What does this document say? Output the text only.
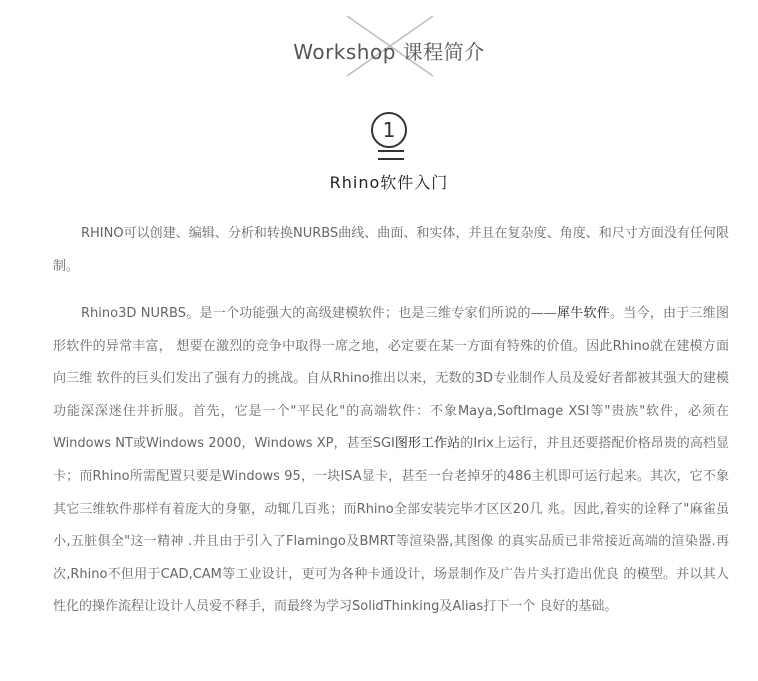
Workshop 课程简介
1
Rhino软件入门

RHINO可以创建、编辑、分析和转换NURBS曲线、曲面、和实体，并且在复杂度、角度、和尺寸方面没有任何限制。

Rhino3D NURBS。是一个功能强大的高级建模软件；也是三维专家们所说的——犀牛软件。当今，由于三维图形软件的异常丰富， 想要在激烈的竞争中取得一席之地，必定要在某一方面有特殊的价值。因此Rhino就在建模方面向三维 软件的巨头们发出了强有力的挑战。自从Rhino推出以来，无数的3D专业制作人员及爱好者都被其强大的建模功能深深迷住并折服。首先，它是一个"平民化"的高端软件：不象Maya,SoftImage XSI等"贵族"软件，必须在Windows NT或Windows 2000，Windows XP，甚至SGI图形工作站的Irix上运行，并且还要搭配价格昂贵的高档显卡；而Rhino所需配置只要是Windows 95，一块ISA显卡，甚至一台老掉牙的486主机即可运行起来。其次，它不象其它三维软件那样有着庞大的身躯，动辄几百兆；而Rhino全部安装完毕才区区20几 兆。因此,着实的诠释了"麻雀虽小,五脏俱全"这一精神 .并且由于引入了Flamingo及BMRT等渲染器,其图像 的真实品质已非常接近高端的渲染器.再次,Rhino不但用于CAD,CAM等工业设计，更可为各种卡通设计，场景制作及广告片头打造出优良 的模型。并以其人性化的操作流程让设计人员爱不释手，而最终为学习SolidThinking及Alias打下一个 良好的基础。
